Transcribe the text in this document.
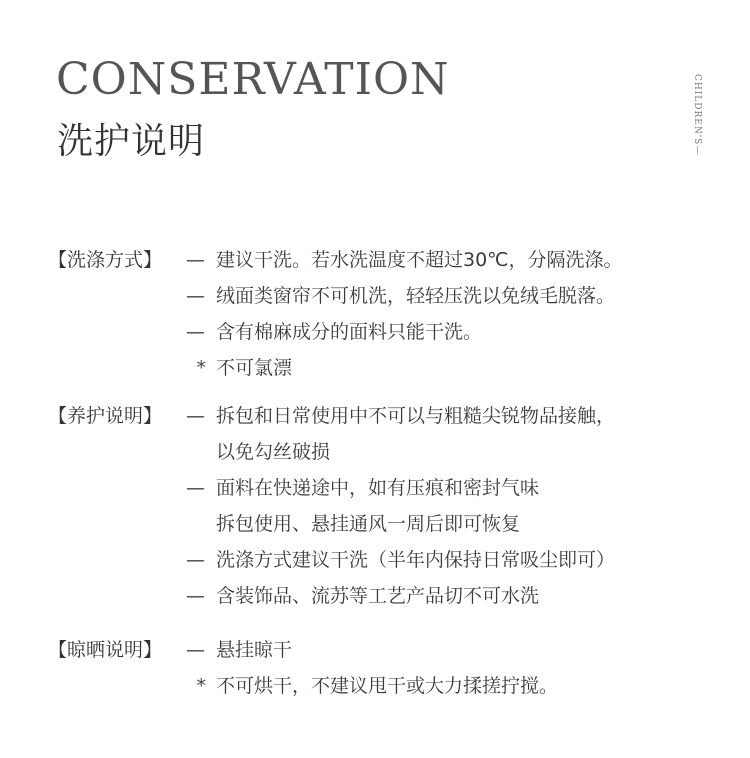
CONSERVATION
洗护说明	CHILDREN'S—
【洗涤方式】	— 建议干洗。若水洗温度不超过30℃，分隔洗涤。
— 绒面类窗帘不可机洗，轻轻压洗以免绒毛脱落。
— 含有棉麻成分的面料只能干洗。
* 不可氯漂
【养护说明】	— 拆包和日常使用中不可以与粗糙尖锐物品接触，
以免勾丝破损
— 面料在快递途中，如有压痕和密封气味
拆包使用、悬挂通风一周后即可恢复
— 洗涤方式建议干洗（半年内保持日常吸尘即可）
— 含装饰品、流苏等工艺产品切不可水洗
【晾晒说明】	— 悬挂晾干
* 不可烘干，不建议甩干或大力揉搓拧搅。
